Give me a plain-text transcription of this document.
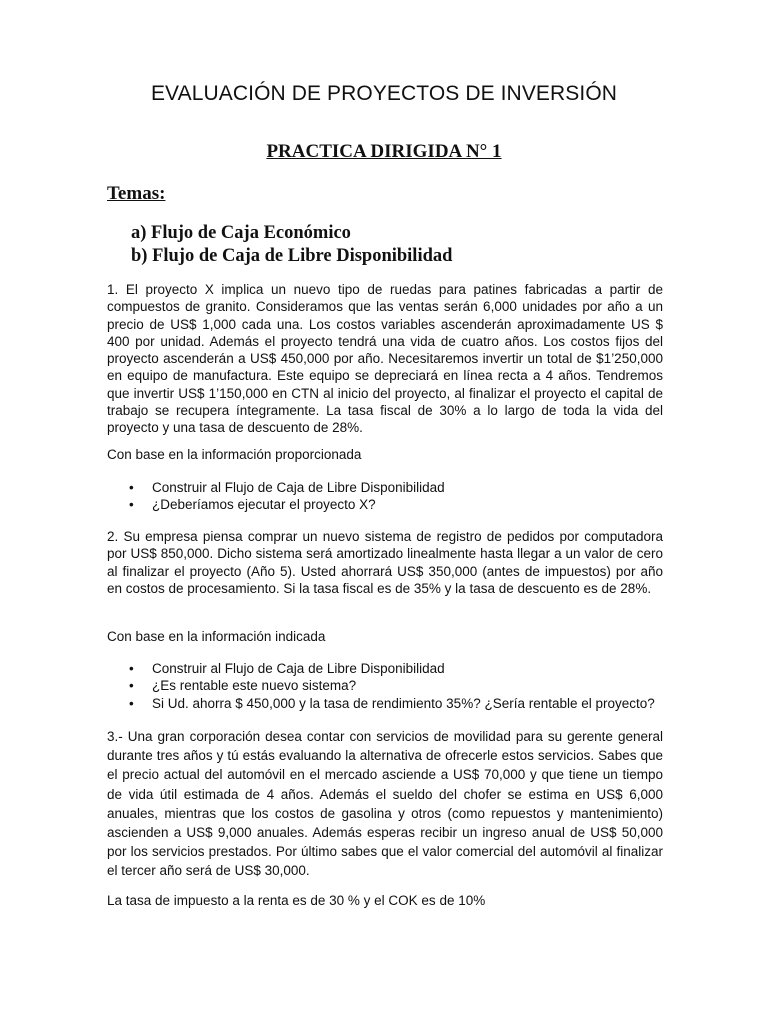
EVALUACIÓN DE PROYECTOS DE INVERSIÓN
PRACTICA DIRIGIDA N° 1
Temas:
a) Flujo de Caja Económico
b) Flujo de Caja de Libre Disponibilidad
1. El proyecto X implica un nuevo tipo de ruedas para patines fabricadas a partir de compuestos de granito. Consideramos que las ventas serán 6,000 unidades por año a un precio de US$ 1,000 cada una. Los costos variables ascenderán aproximadamente US $ 400 por unidad. Además el proyecto tendrá una vida de cuatro años. Los costos fijos del proyecto ascenderán a US$ 450,000 por año. Necesitaremos invertir un total de $1’250,000 en equipo de manufactura. Este equipo se depreciará en línea recta a 4 años. Tendremos que invertir US$ 1’150,000 en CTN al inicio del proyecto, al finalizar el proyecto el capital de trabajo se recupera íntegramente. La tasa fiscal de 30% a lo largo de toda la vida del proyecto y una tasa de descuento de 28%.
Con base en la información proporcionada
• Construir al Flujo de Caja de Libre Disponibilidad
• ¿Deberíamos ejecutar el proyecto X?
2. Su empresa piensa comprar un nuevo sistema de registro de pedidos por computadora por US$ 850,000. Dicho sistema será amortizado linealmente hasta llegar a un valor de cero al finalizar el proyecto (Año 5). Usted ahorrará US$ 350,000 (antes de impuestos) por año en costos de procesamiento. Si la tasa fiscal es de 35% y la tasa de descuento es de 28%.
Con base en la información indicada
• Construir al Flujo de Caja de Libre Disponibilidad
• ¿Es rentable este nuevo sistema?
• Si Ud. ahorra $ 450,000 y la tasa de rendimiento 35%? ¿Sería rentable el proyecto?
3.- Una gran corporación desea contar con servicios de movilidad para su gerente general durante tres años y tú estás evaluando la alternativa de ofrecerle estos servicios. Sabes que el precio actual del automóvil en el mercado asciende a US$ 70,000 y que tiene un tiempo de vida útil estimada de 4 años. Además el sueldo del chofer se estima en US$ 6,000 anuales, mientras que los costos de gasolina y otros (como repuestos y mantenimiento) ascienden a US$ 9,000 anuales. Además esperas recibir un ingreso anual de US$ 50,000 por los servicios prestados. Por último sabes que el valor comercial del automóvil al finalizar el tercer año será de US$ 30,000.
La tasa de impuesto a la renta es de 30 % y el COK es de 10%
